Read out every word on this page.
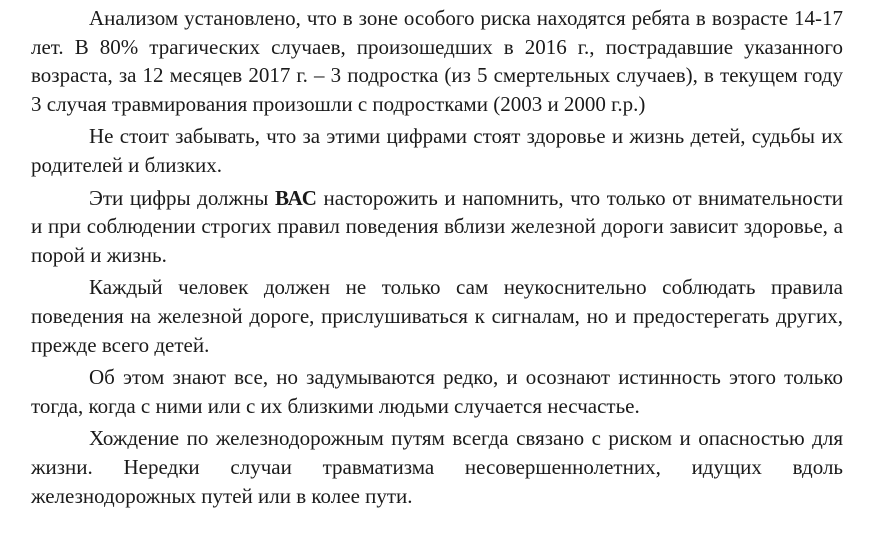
Анализом установлено, что в зоне особого риска находятся ребята в возрасте 14-17 лет. В 80% трагических случаев, произошедших в 2016 г., пострадавшие указанного возраста, за 12 месяцев 2017 г. – 3 подростка (из 5 смертельных случаев), в текущем году 3 случая травмирования произошли с подростками (2003 и 2000 г.р.)

Не стоит забывать, что за этими цифрами стоят здоровье и жизнь детей, судьбы их родителей и близких.

Эти цифры должны ВАС насторожить и напомнить, что только от внимательности и при соблюдении строгих правил поведения вблизи железной дороги зависит здоровье, а порой и жизнь.

Каждый человек должен не только сам неукоснительно соблюдать правила поведения на железной дороге, прислушиваться к сигналам, но и предостерегать других, прежде всего детей.

Об этом знают все, но задумываются редко, и осознают истинность этого только тогда, когда с ними или с их близкими людьми случается несчастье.

Хождение по железнодорожным путям всегда связано с риском и опасностью для жизни. Нередки случаи травматизма несовершеннолетних, идущих вдоль железнодорожных путей или в колее пути.
